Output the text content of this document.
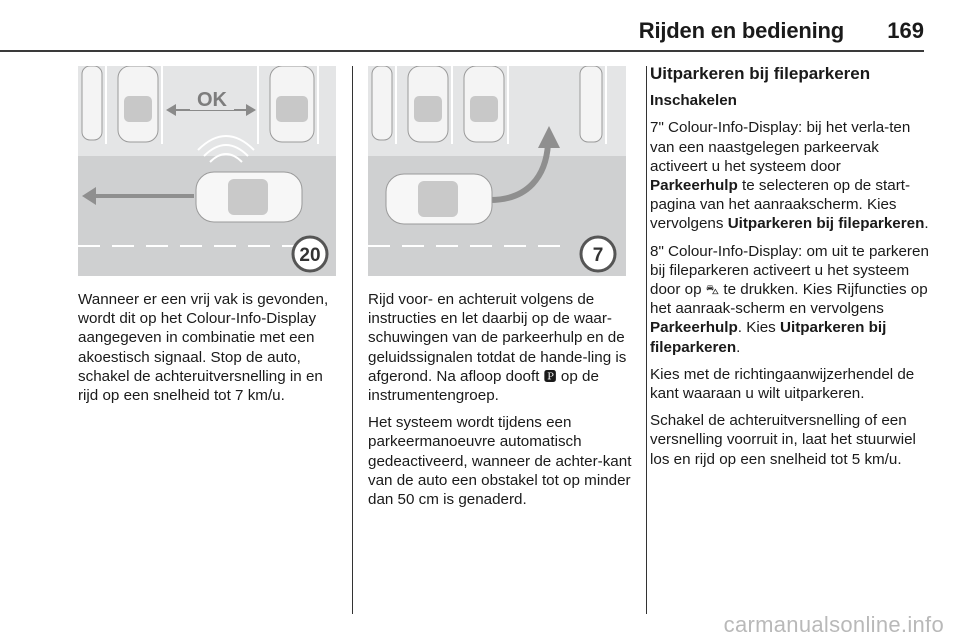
Rijden en bediening 169
OK
20	7

Wanneer er een vrij vak is gevonden, wordt dit op het Colour-Info-Display aangegeven in combinatie met een akoestisch signaal. Stop de auto, schakel de achteruitversnelling in en rijd op een snelheid tot 7 km/u.

Rijd voor- en achteruit volgens de instructies en let daarbij op de waar-schuwingen van de parkeerhulp en de geluidssignalen totdat de hande-ling is afgerond. Na afloop dooft 🅿 op de instrumentengroep.

Het systeem wordt tijdens een parkeermanoeuvre automatisch gedeactiveerd, wanneer de achter-kant van de auto een obstakel tot op minder dan 50 cm is genaderd.

Uitparkeren bij fileparkeren

Inschakelen

7" Colour-Info-Display: bij het verla-ten van een naastgelegen parkeervak activeert u het systeem door Parkeerhulp te selecteren op de start-pagina van het aanraakscherm. Kies vervolgens Uitparkeren bij fileparkeren.

8" Colour-Info-Display: om uit te parkeren bij fileparkeren activeert u het systeem door op ⛍ te drukken. Kies Rijfuncties op het aanraak-scherm en vervolgens Parkeerhulp. Kies Uitparkeren bij fileparkeren.

Kies met de richtingaanwijzerhendel de kant waaraan u wilt uitparkeren.

Schakel de achteruitversnelling of een versnelling voorruit in, laat het stuurwiel los en rijd op een snelheid tot 5 km/u.

carmanualsonline.info
